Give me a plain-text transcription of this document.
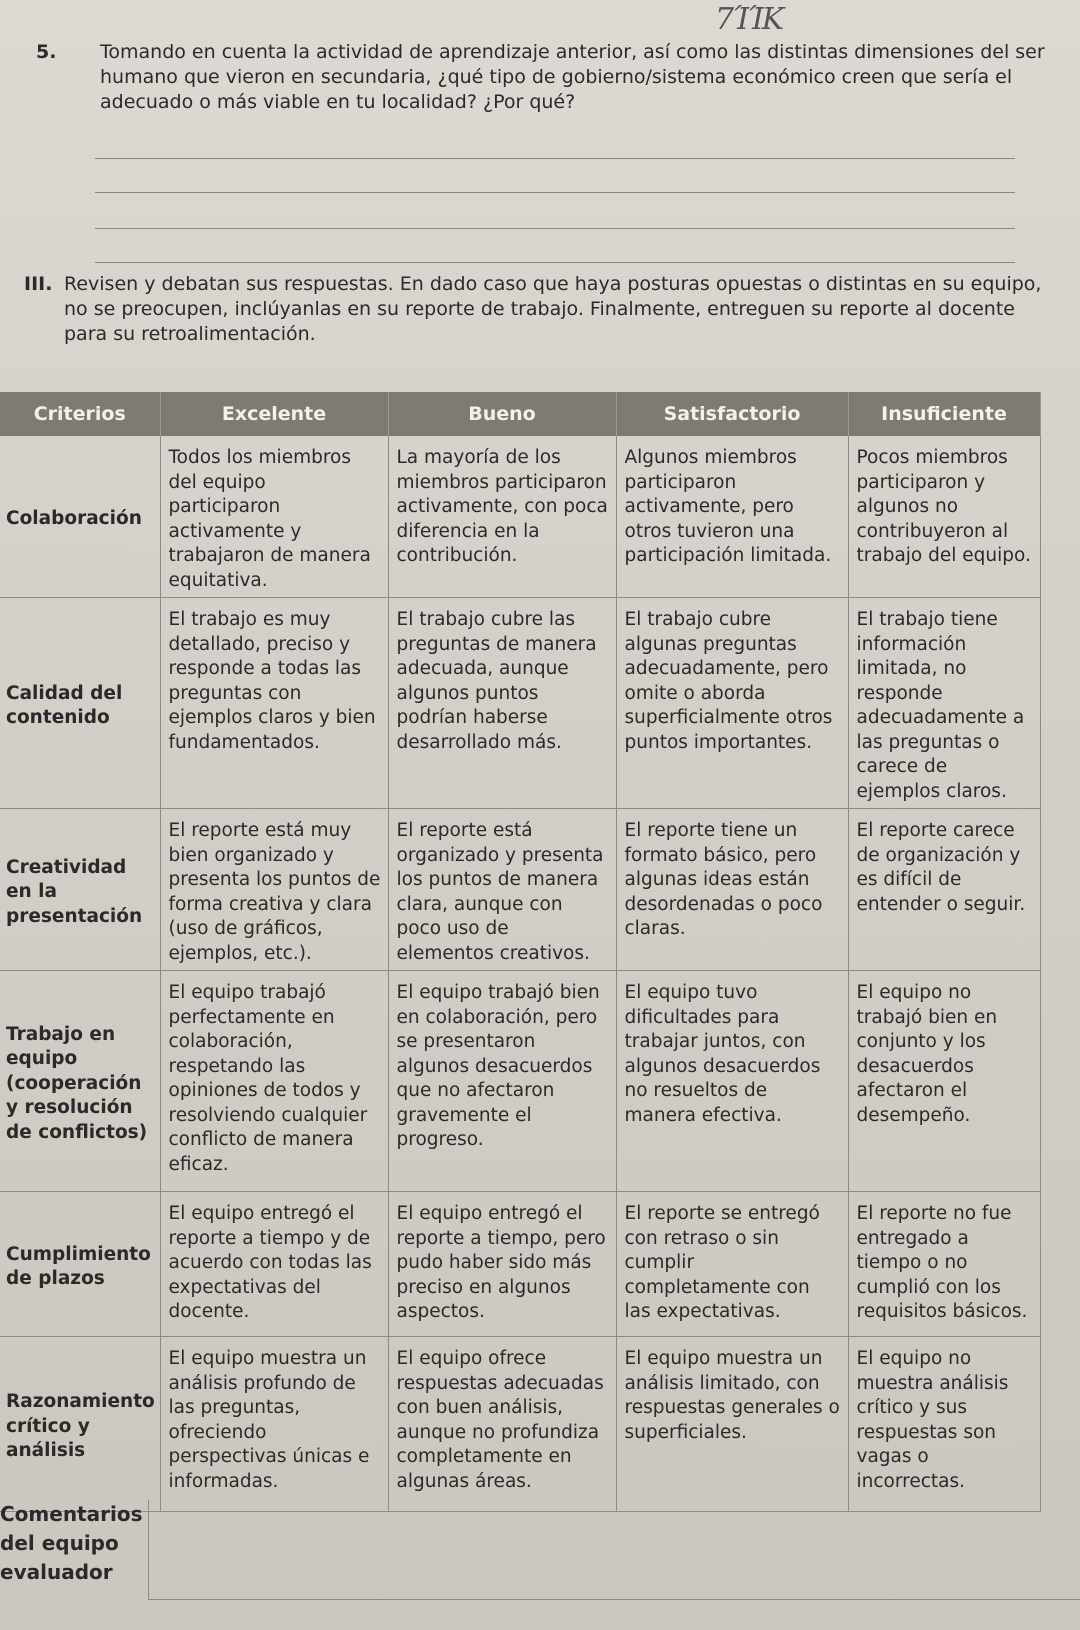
7ΊΊΚ
5. Tomando en cuenta la actividad de aprendizaje anterior, así como las distintas dimensiones del ser humano que vieron en secundaria, ¿qué tipo de gobierno/sistema económico creen que sería el adecuado o más viable en tu localidad? ¿Por qué?
III. Revisen y debatan sus respuestas. En dado caso que haya posturas opuestas o distintas en su equipo, no se preocupen, inclúyanlas en su reporte de trabajo. Finalmente, entreguen su reporte al docente para su retroalimentación.
Criterios	Excelente	Bueno	Satisfactorio	Insuficiente
Colaboración	Todos los miembros del equipo participaron activamente y trabajaron de manera equitativa.	La mayoría de los miembros participaron activamente, con poca diferencia en la contribución.	Algunos miembros participaron activamente, pero otros tuvieron una participación limitada.	Pocos miembros participaron y algunos no contribuyeron al trabajo del equipo.
Calidad del contenido	El trabajo es muy detallado, preciso y responde a todas las preguntas con ejemplos claros y bien fundamentados.	El trabajo cubre las preguntas de manera adecuada, aunque algunos puntos podrían haberse desarrollado más.	El trabajo cubre algunas preguntas adecuadamente, pero omite o aborda superficialmente otros puntos importantes.	El trabajo tiene información limitada, no responde adecuadamente a las preguntas o carece de ejemplos claros.
Creatividad en la presentación	El reporte está muy bien organizado y presenta los puntos de forma creativa y clara (uso de gráficos, ejemplos, etc.).	El reporte está organizado y presenta los puntos de manera clara, aunque con poco uso de elementos creativos.	El reporte tiene un formato básico, pero algunas ideas están desordenadas o poco claras.	El reporte carece de organización y es difícil de entender o seguir.
Trabajo en equipo (cooperación y resolución de conflictos)	El equipo trabajó perfectamente en colaboración, respetando las opiniones de todos y resolviendo cualquier conflicto de manera eficaz.	El equipo trabajó bien en colaboración, pero se presentaron algunos desacuerdos que no afectaron gravemente el progreso.	El equipo tuvo dificultades para trabajar juntos, con algunos desacuerdos no resueltos de manera efectiva.	El equipo no trabajó bien en conjunto y los desacuerdos afectaron el desempeño.
Cumplimiento de plazos	El equipo entregó el reporte a tiempo y de acuerdo con todas las expectativas del docente.	El equipo entregó el reporte a tiempo, pero pudo haber sido más preciso en algunos aspectos.	El reporte se entregó con retraso o sin cumplir completamente con las expectativas.	El reporte no fue entregado a tiempo o no cumplió con los requisitos básicos.
Razonamiento crítico y análisis	El equipo muestra un análisis profundo de las preguntas, ofreciendo perspectivas únicas e informadas.	El equipo ofrece respuestas adecuadas con buen análisis, aunque no profundiza completamente en algunas áreas.	El equipo muestra un análisis limitado, con respuestas generales o superficiales.	El equipo no muestra análisis crítico y sus respuestas son vagas o incorrectas.
Comentarios
del equipo
evaluador
